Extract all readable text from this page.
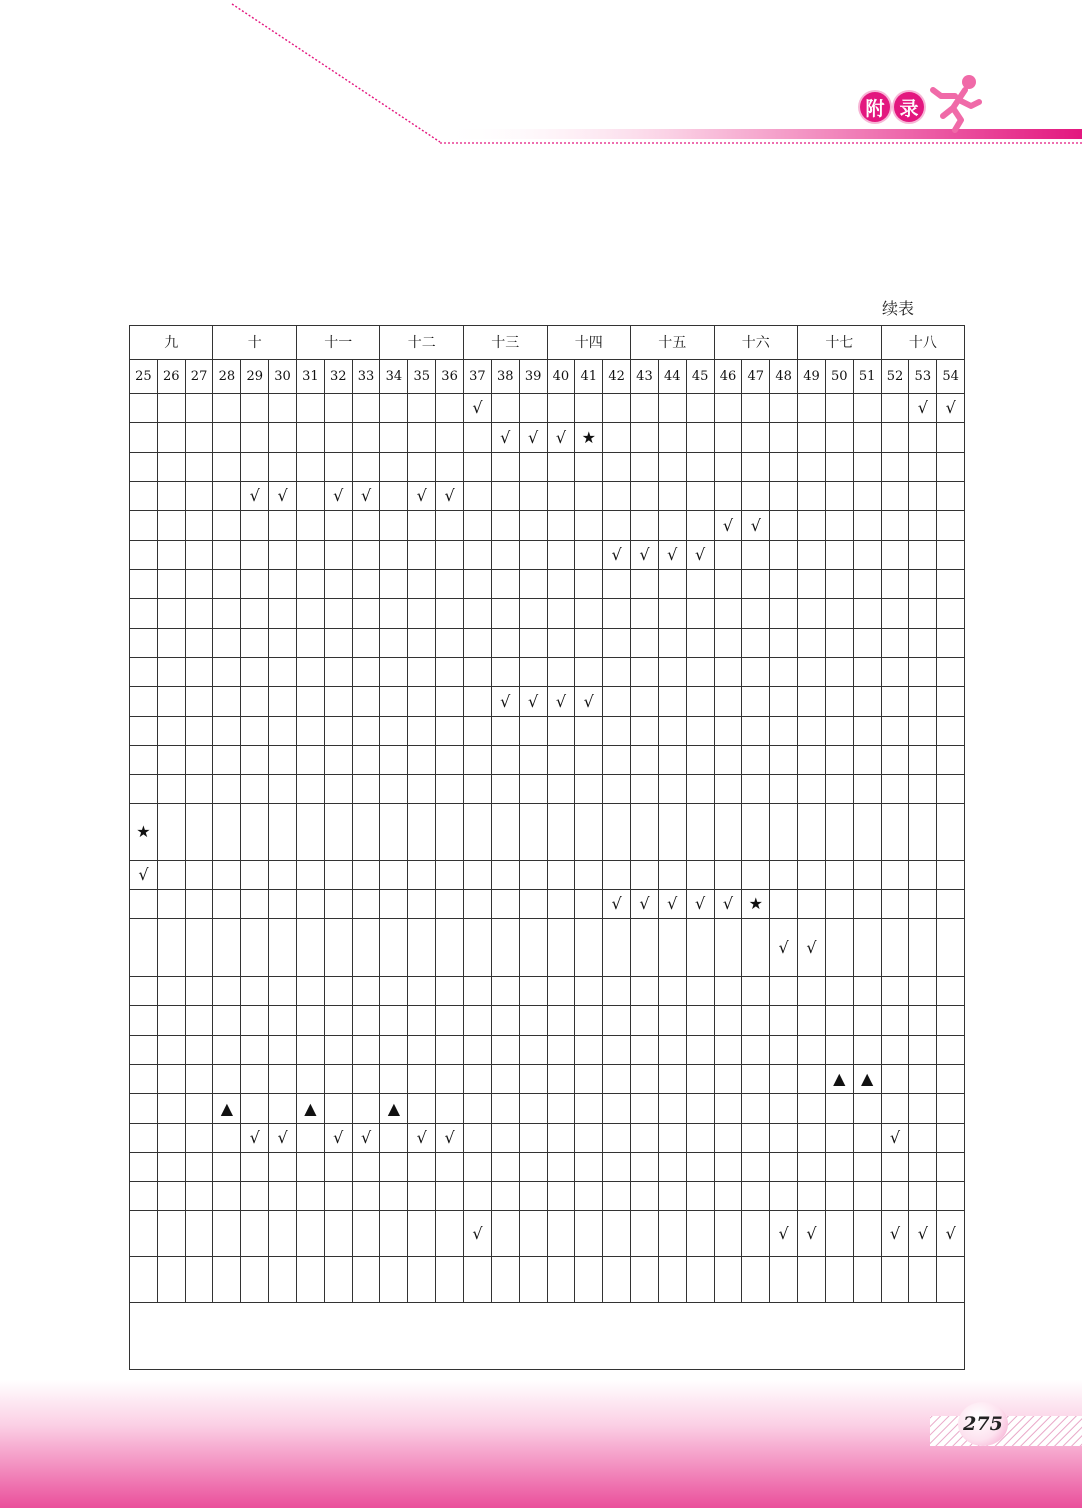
附 录
续表
九			十			十一			十二			十三			十四			十五			十六			十七			十八		
25	26	27	28	29	30	31	32	33	34	35	36	37	38	39	40	41	42	43	44	45	46	47	48	49	50	51	52	53	54
												√																√	√
													√	√	√	★													

				√	√		√	√		√	√																		
																					√	√							
																	√	√	√	√									

													√	√	√	√													

★																													
√																													
																	√	√	√	√	√	★							
																							√	√					

																									▲	▲			
			▲			▲			▲																				
				√	√		√	√		√	√																√		

												√											√	√			√	√	√

275
